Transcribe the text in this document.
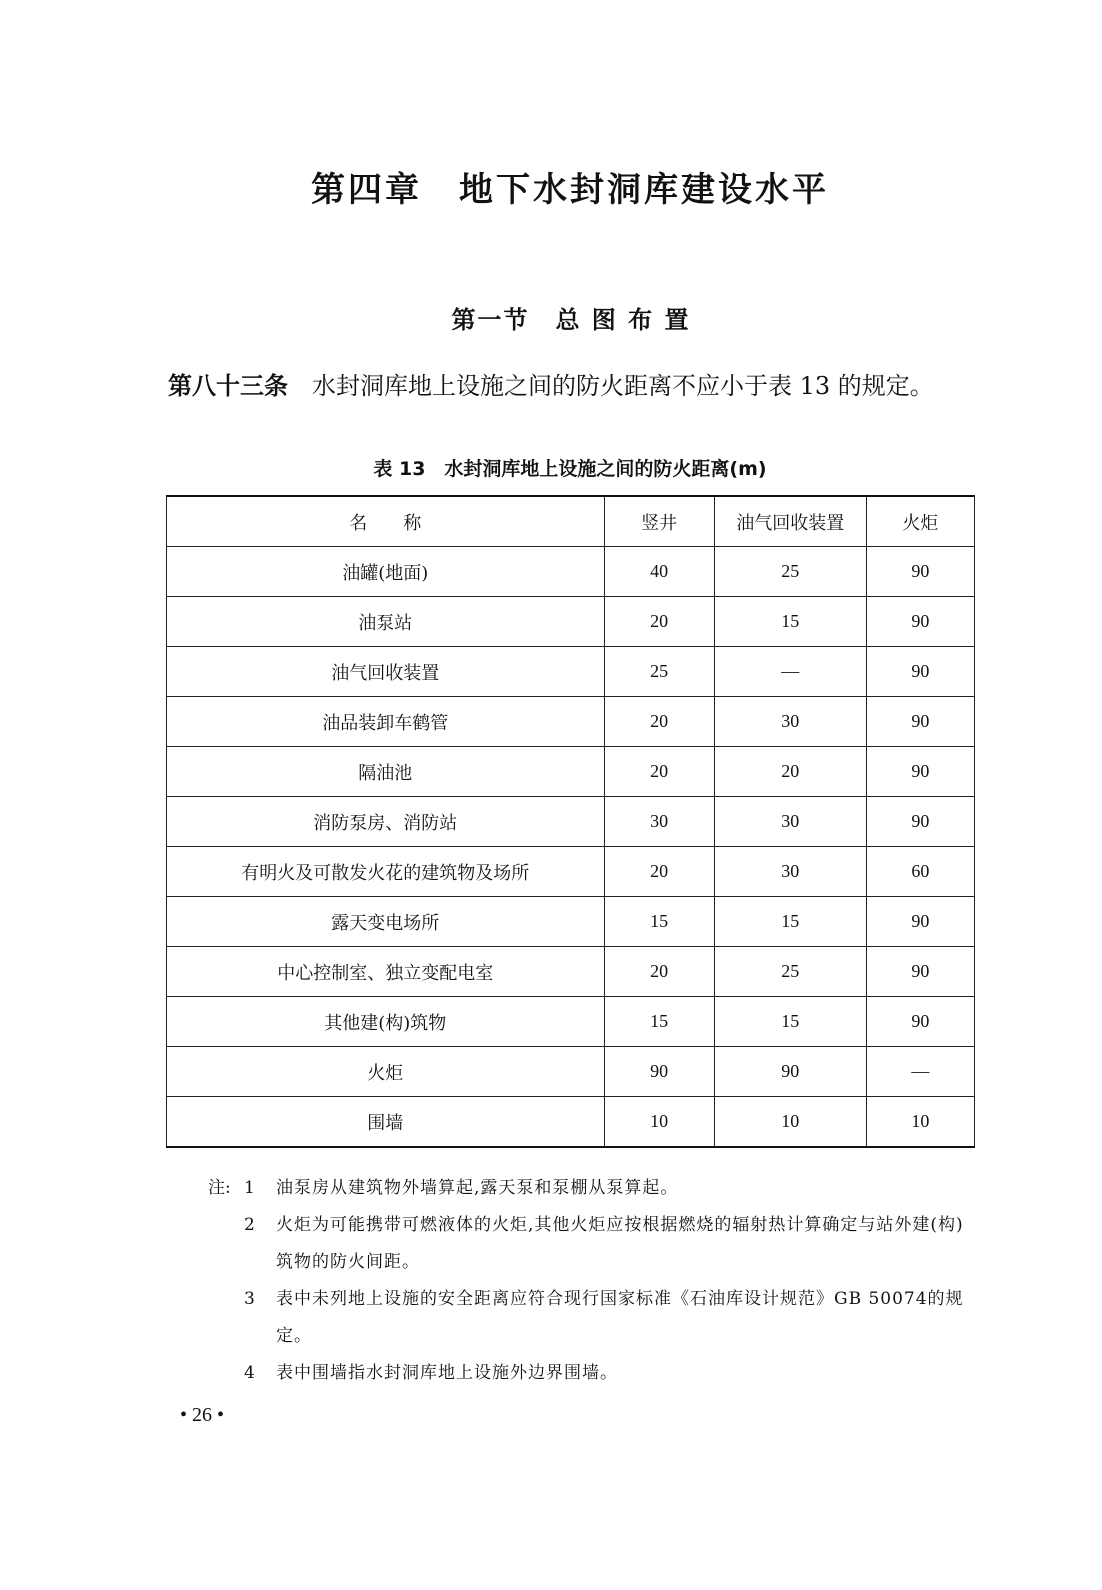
第四章　地下水封洞库建设水平
第一节　总 图 布 置

第八十三条　 水封洞库地上设施之间的防火距离不应小于表 13 的规定。

表 13　水封洞库地上设施之间的防火距离(m)
名　　称	竖井	油气回收装置	火炬
油罐(地面)	40	25	90
油泵站	20	15	90
油气回收装置	25	—	90
油品装卸车鹤管	20	30	90
隔油池	20	20	90
消防泵房、消防站	30	30	90
有明火及可散发火花的建筑物及场所	20	30	60
露天变电场所	15	15	90
中心控制室、独立变配电室	20	25	90
其他建(构)筑物	15	15	90
火炬	90	90	—
围墙	10	10	10
注: 1 油泵房从建筑物外墙算起,露天泵和泵棚从泵算起。
2 火炬为可能携带可燃液体的火炬,其他火炬应按根据燃烧的辐射热计算确定与站外建(构)筑物的防火间距。
3 表中未列地上设施的安全距离应符合现行国家标准《石油库设计规范》GB 50074的规定。
4 表中围墙指水封洞库地上设施外边界围墙。
• 26 •
